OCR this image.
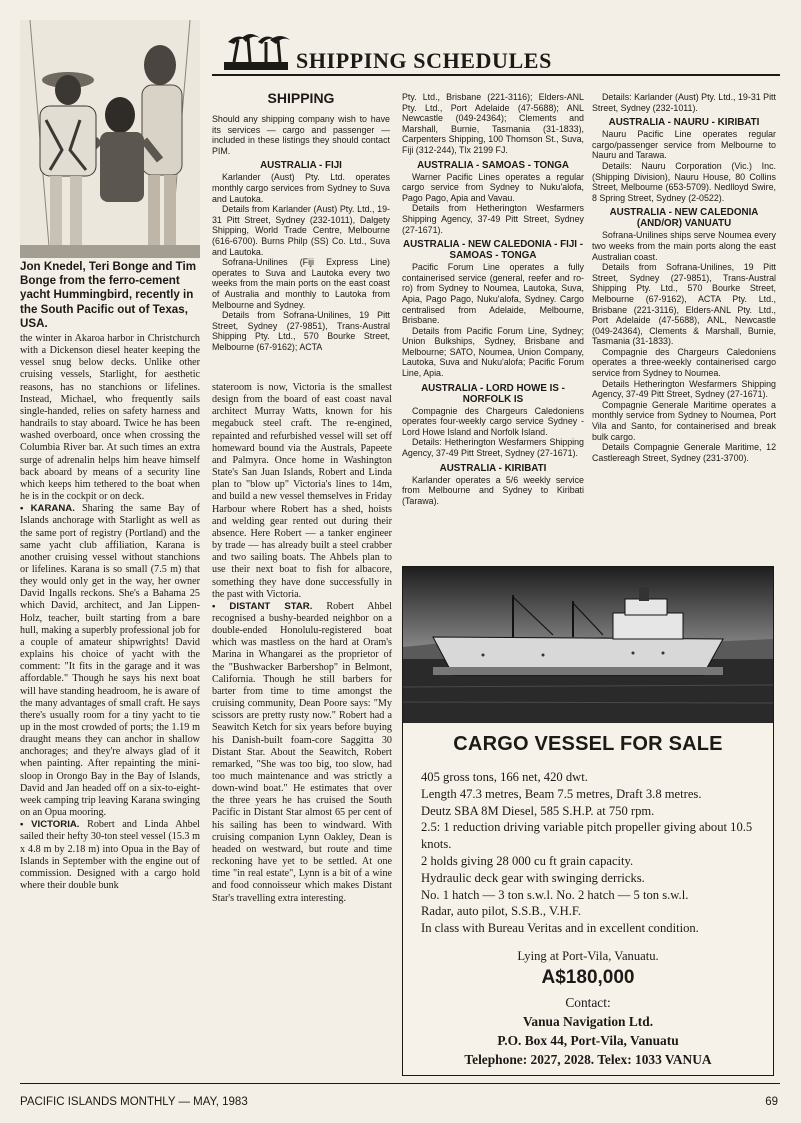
Jon Knedel, Teri Bonge and Tim Bonge from the ferro-cement yacht Hummingbird, recently in the South Pacific out of Texas, USA.
SHIPPING SCHEDULES

the winter in Akaroa harbor in Christchurch with a Dickenson diesel heater keeping the vessel snug below decks. Unlike other cruising vessels, Starlight, for aesthetic reasons, has no stanchions or lifelines. Instead, Michael, who frequently sails single-handed, relies on safety harness and handrails to stay aboard. Twice he has been washed overboard, once when crossing the Columbia River bar. At such times an extra surge of adrenalin helps him heave himself back aboard by means of a security line which keeps him tethered to the boat when he is in the cockpit or on deck.

• KARANA. Sharing the same Bay of Islands anchorage with Starlight as well as the same port of registry (Portland) and the same yacht club affiliation, Karana is another cruising vessel without stanchions or lifelines. Karana is so small (7.5 m) that they would only get in the way, her owner David Ingalls reckons. She's a Bahama 25 which David, architect, and Jan Lippen-Holz, teacher, built starting from a bare hull, making a superbly professional job for a couple of amateur shipwrights! David explains his choice of yacht with the comment: "It fits in the garage and it was affordable." Though he says his next boat will have standing headroom, he is aware of the many advantages of small craft. He says there's usually room for a tiny yacht to tie up in the most crowded of ports; the 1.19 m draught means they can anchor in shallow anchorages; and they're always glad of it when painting. After repainting the mini-sloop in Orongo Bay in the Bay of Islands, David and Jan headed off on a six-to-eight-week camping trip leaving Karana swinging on an Opua mooring.

• VICTORIA. Robert and Linda Ahbel sailed their hefty 30-ton steel vessel (15.3 m x 4.8 m by 2.18 m) into Opua in the Bay of Islands in September with the engine out of commission. Designed with a cargo hold where their double bunk

SHIPPING

Should any shipping company wish to have its services — cargo and passenger — included in these listings they should contact PIM.

AUSTRALIA - FIJI

Karlander (Aust) Pty. Ltd. operates monthly cargo services from Sydney to Suva and Lautoka.

Details from Karlander (Aust) Pty. Ltd., 19-31 Pitt Street, Sydney (232-1011), Dalgety Shipping, World Trade Centre, Melbourne (616-6700). Burns Philp (SS) Co. Ltd., Suva and Lautoka.

Sofrana-Unilines (Fiji Express Line) operates to Suva and Lautoka every two weeks from the main ports on the east coast of Australia and monthly to Lautoka from Melbourne and Sydney.

Details from Sofrana-Unilines, 19 Pitt Street, Sydney (27-9851), Trans-Austral Shipping Pty. Ltd., 570 Bourke Street, Melbourne (67-9162); ACTA

stateroom is now, Victoria is the smallest design from the board of east coast naval architect Murray Watts, known for his megabuck steel craft. The re-engined, repainted and refurbished vessel will set off homeward bound via the Australs, Papeete and Palmyra. Once home in Washington State's San Juan Islands, Robert and Linda plan to "blow up" Victoria's lines to 14m, and build a new vessel themselves in Friday Harbour where Robert has a shed, hoists and welding gear rented out during their absence. Here Robert — a tanker engineer by trade — has already built a steel crabber and two sailing boats. The Ahbels plan to use their next boat to fish for albacore, something they have done successfully in the past with Victoria.

• DISTANT STAR. Robert Ahbel recognised a bushy-bearded neighbor on a double-ended Honolulu-registered boat which was mastless on the hard at Oram's Marina in Whangarei as the proprietor of the "Bushwacker Barbershop" in Belmont, California. Though he still barbers for barter from time to time amongst the cruising community, Dean Poore says: "My scissors are pretty rusty now." Robert had a Seawitch Ketch for six years before buying his Danish-built foam-core Saggitta 30 Distant Star. About the Seawitch, Robert remarked, "She was too big, too slow, had too much maintenance and was strictly a down-wind boat." He estimates that over the three years he has cruised the South Pacific in Distant Star almost 65 per cent of his sailing has been to windward. With cruising companion Lynn Oakley, Dean is headed on westward, but route and time reckoning have yet to be settled. At one time "in real estate", Lynn is a bit of a wine and food connoisseur which makes Distant Star's travelling extra interesting.

Pty. Ltd., Brisbane (221-3116); Elders-ANL Pty. Ltd., Port Adelaide (47-5688); ANL Newcastle (049-24364); Clements and Marshall, Burnie, Tasmania (31-1833), Carpenters Shipping, 100 Thomson St., Suva, Fiji (312-244), Tlx 2199 FJ.

AUSTRALIA - SAMOAS - TONGA

Warner Pacific Lines operates a regular cargo service from Sydney to Nuku'alofa, Pago Pago, Apia and Vavau.

Details from Hetherington Wesfarmers Shipping Agency, 37-49 Pitt Street, Sydney (27-1671).

AUSTRALIA - NEW CALEDONIA - FIJI - SAMOAS - TONGA

Pacific Forum Line operates a fully containerised service (general, reefer and ro-ro) from Sydney to Noumea, Lautoka, Suva, Apia, Pago Pago, Nuku'alofa, Sydney. Cargo centralised from Adelaide, Melbourne, Brisbane.

Details from Pacific Forum Line, Sydney; Union Bulkships, Sydney, Brisbane and Melbourne; SATO, Noumea, Union Company, Lautoka, Suva and Nuku'alofa; Pacific Forum Line, Apia.

AUSTRALIA - LORD HOWE IS - NORFOLK IS

Compagnie des Chargeurs Caledoniens operates four-weekly cargo service Sydney - Lord Howe Island and Norfolk Island.

Details: Hetherington Wesfarmers Shipping Agency, 37-49 Pitt Street, Sydney (27-1671).

AUSTRALIA - KIRIBATI

Karlander operates a 5/6 weekly service from Melbourne and Sydney to Kiribati (Tarawa).

Details: Karlander (Aust) Pty. Ltd., 19-31 Pitt Street, Sydney (232-1011).

AUSTRALIA - NAURU - KIRIBATI

Nauru Pacific Line operates regular cargo/passenger service from Melbourne to Nauru and Tarawa.

Details: Nauru Corporation (Vic.) Inc. (Shipping Division), Nauru House, 80 Collins Street, Melbourne (653-5709). Nedlloyd Swire, 8 Spring Street, Sydney (2-0522).

AUSTRALIA - NEW CALEDONIA (AND/OR) VANUATU

Sofrana-Unilines ships serve Noumea every two weeks from the main ports along the east Australian coast.

Details from Sofrana-Unilines, 19 Pitt Street, Sydney (27-9851), Trans-Austral Shipping Pty. Ltd., 570 Bourke Street, Melbourne (67-9162), ACTA Pty. Ltd., Brisbane (221-3116), Elders-ANL Pty. Ltd., Port Adelaide (47-5688), ANL, Newcastle (049-24364), Clements & Marshall, Burnie, Tasmania (31-1833).

Compagnie des Chargeurs Caledoniens operates a three-weekly containerised cargo service from Sydney to Noumea.

Details Hetherington Wesfarmers Shipping Agency, 37-49 Pitt Street, Sydney (27-1671).

Compagnie Generale Maritime operates a monthly service from Sydney to Noumea, Port Vila and Santo, for containerised and break bulk cargo.

Details Compagnie Generale Maritime, 12 Castlereagh Street, Sydney (231-3700).

CARGO VESSEL FOR SALE
405 gross tons, 166 net, 420 dwt.
Length 47.3 metres, Beam 7.5 metres, Draft 3.8 metres.
Deutz SBA 8M Diesel, 585 S.H.P. at 750 rpm.
2.5: 1 reduction driving variable pitch propeller giving about 10.5 knots.
2 holds giving 28 000 cu ft grain capacity.
Hydraulic deck gear with swinging derricks.
No. 1 hatch — 3 ton s.w.l. No. 2 hatch — 5 ton s.w.l.
Radar, auto pilot, S.S.B., V.H.F.
In class with Bureau Veritas and in excellent condition.
Lying at Port-Vila, Vanuatu.
A$180,000
Contact:
Vanua Navigation Ltd.
P.O. Box 44, Port-Vila, Vanuatu
Telephone: 2027, 2028. Telex: 1033 VANUA
PACIFIC ISLANDS MONTHLY — MAY, 1983	69
